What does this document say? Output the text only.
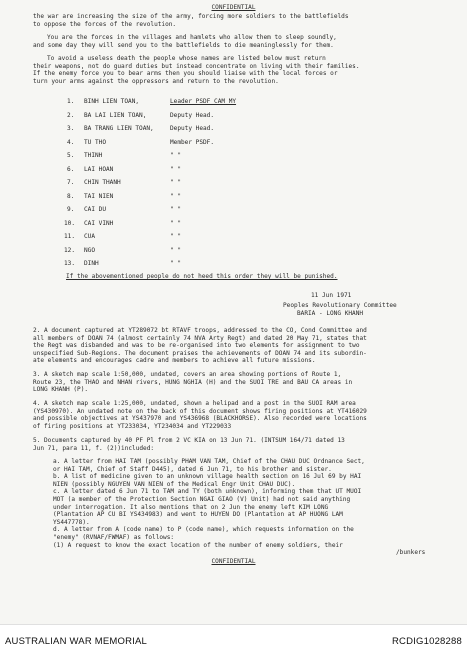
CONFIDENTIAL
the war are increasing the size of the army, forcing more soldiers to the battlefields
to oppose the forces of the revolution.
You are the forces in the villages and hamlets who allow them to sleep soundly,
and some day they will send you to the battlefields to die meaninglessly for them.
To avoid a useless death the people whose names are listed below must return
their weapons, not do guard duties but instead concentrate on living with their families.
If the enemy force you to bear arms then you should liaise with the local forces or
turn your arms against the oppressors and return to the revolution.
1. BINH LIEN TOAN,	Leader PSDF CAM MY
2. BA LAI LIEN TOAN,	Deputy Head.
3. BA TRANG LIEN TOAN,	Deputy Head.
4. TU THO	Member PSDF.
5. THINH	" "
6. LAI HOAN	" "
7. CHIN THANH	" "
8. TAI NIEN	" "
9. CAI DU	" "
10. CAI VINH	" "
11. CUA	" "
12. NGO	" "
13. DINH	" "
If the abovementioned people do not heed this order they will be punished.
11 Jun 1971
Peoples Revolutionary Committee
BARIA - LONG KHANH
2. A document captured at YT289072 bt RTAVF troops, addressed to the CO, Cond Committee and
all members of DOAN 74 (almost certainly 74 NVA Arty Regt) and dated 20 May 71, states that
the Regt was disbanded and was to be re-organised into two elements for assignment to two
unspecified Sub-Regions. The document praises the achievements of DOAN 74 and its subordin-
ate elements and encourages cadre and members to achieve all future missions.
3. A sketch map scale 1:50,000, undated, covers an area showing portions of Route 1,
Route 23, the THAO and NHAN rivers, HUNG NGHIA (H) and the SUOI TRE and BAU CA areas in
LONG KHANH (P).
4. A sketch map scale 1:25,000, undated, shown a helipad and a post in the SUOI RAM area
(YS430970). An undated note on the back of this document shows firing positions at YT416029
and possible objectives at YS437970 and YS436968 (BLACKHORSE). Also recorded were locations
of firing positions at YT233034, YT234034 and YT229033
5. Documents captured by 40 PF Pl from 2 VC KIA on 13 Jun 71. (INTSUM 164/71 dated 13
Jun 71, para 11, f. (2))included:
a. A letter from HAI TAM (possibly PHAM VAN TAM, Chief of the CHAU DUC Ordnance Sect,
or HAI TAM, Chief of Staff D445), dated 6 Jun 71, to his brother and sister.
b. A list of medicine given to an unknown village health section on 16 Jul 69 by HAI
NIEN (possibly NGUYEN VAN NIEN of the Medical Engr Unit CHAU DUC).
c. A letter dated 6 Jun 71 to TAM and TY (both unknown), informing them that UT MUOI
MOT (a member of the Protection Section NGAI GIAO (V) Unit) had not said anything
under interrogation. It also mentions that on 2 Jun the enemy left KIM LONG
(Plantation AP CU BI YS434983) and went to HUYEN DO (Plantation at AP HUONG LAM
YS447778).
d. A letter from A (code name) to P (code name), which requests information on the
"enemy" (RVNAF/FWMAF) as follows:
(1) A request to know the exact location of the number of enemy soldiers, their
/bunkers
CONFIDENTIAL
AUSTRALIAN WAR MEMORIAL	RCDIG1028288
